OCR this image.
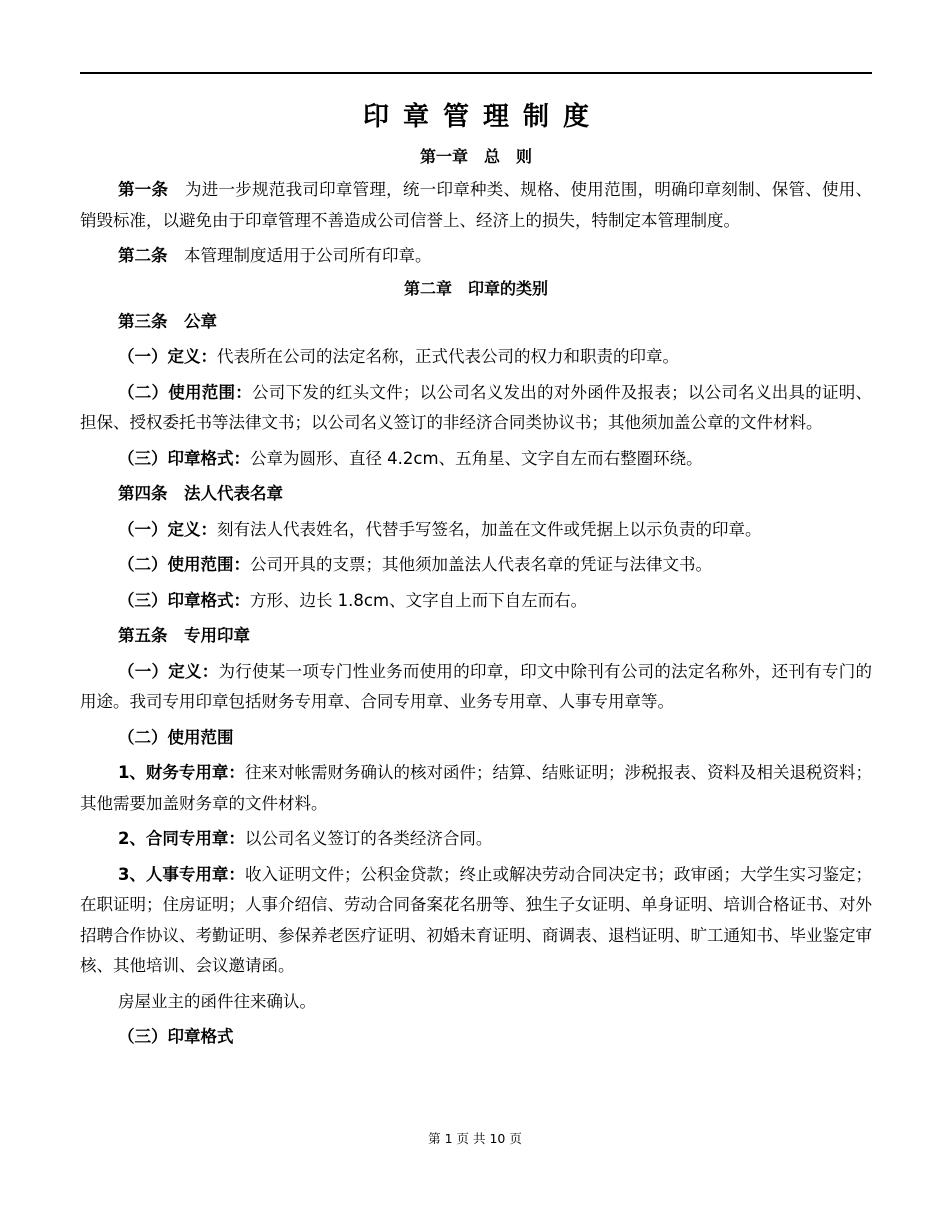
印章管理制度
第一章　总　则

第一条　 为进一步规范我司印章管理，统一印章种类、规格、使用范围，明确印章刻制、保管、使用、销毁标准，以避免由于印章管理不善造成公司信誉上、经济上的损失，特制定本管理制度。

第二条　 本管理制度适用于公司所有印章。

第二章　印章的类别

第三条　公章

（一）定义：代表所在公司的法定名称，正式代表公司的权力和职责的印章。

（二）使用范围：公司下发的红头文件；以公司名义发出的对外函件及报表；以公司名义出具的证明、担保、授权委托书等法律文书；以公司名义签订的非经济合同类协议书；其他须加盖公章的文件材料。

（三）印章格式：公章为圆形、直径 4.2cm、五角星、文字自左而右整圈环绕。

第四条　法人代表名章

（一）定义：刻有法人代表姓名，代替手写签名，加盖在文件或凭据上以示负责的印章。

（二）使用范围：公司开具的支票；其他须加盖法人代表名章的凭证与法律文书。

（三）印章格式：方形、边长 1.8cm、文字自上而下自左而右。

第五条　专用印章

（一）定义：为行使某一项专门性业务而使用的印章，印文中除刊有公司的法定名称外，还刊有专门的用途。我司专用印章包括财务专用章、合同专用章、业务专用章、人事专用章等。

（二）使用范围

1、财务专用章：往来对帐需财务确认的核对函件；结算、结账证明；涉税报表、资料及相关退税资料；其他需要加盖财务章的文件材料。

2、合同专用章：以公司名义签订的各类经济合同。

3、人事专用章：收入证明文件；公积金贷款；终止或解决劳动合同决定书；政审函；大学生实习鉴定；在职证明；住房证明；人事介绍信、劳动合同备案花名册等、独生子女证明、单身证明、培训合格证书、对外招聘合作协议、考勤证明、参保养老医疗证明、初婚未育证明、商调表、退档证明、旷工通知书、毕业鉴定审核、其他培训、会议邀请函。

房屋业主的函件往来确认。

（三）印章格式

第 1 页 共 10 页
